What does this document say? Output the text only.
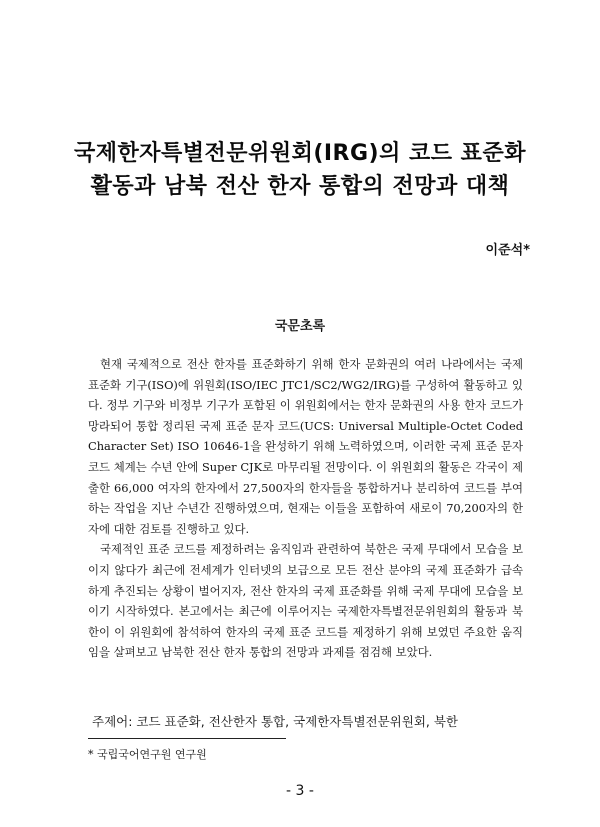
국제한자특별전문위원회(IRG)의 코드 표준화
활동과 남북 전산 한자 통합의 전망과 대책
이준석*
국문초록

현재 국제적으로 전산 한자를 표준화하기 위해 한자 문화권의 여러 나라에서는 국제 표준화 기구(ISO)에 위원회(ISO/IEC JTC1/SC2/WG2/IRG)를 구성하여 활동하고 있다. 정부 기구와 비정부 기구가 포함된 이 위원회에서는 한자 문화권의 사용 한자 코드가 망라되어 통합 정리된 국제 표준 문자 코드(UCS: Universal Multiple-Octet Coded Character Set) ISO 10646-1을 완성하기 위해 노력하였으며, 이러한 국제 표준 문자 코드 체계는 수년 안에 Super CJK로 마무리될 전망이다. 이 위원회의 활동은 각국이 제출한 66,000 여자의 한자에서 27,500자의 한자들을 통합하거나 분리하여 코드를 부여하는 작업을 지난 수년간 진행하였으며, 현재는 이들을 포함하여 새로이 70,200자의 한자에 대한 검토를 진행하고 있다.

국제적인 표준 코드를 제정하려는 움직임과 관련하여 북한은 국제 무대에서 모습을 보이지 않다가 최근에 전세계가 인터넷의 보급으로 모든 전산 분야의 국제 표준화가 급속하게 추진되는 상황이 벌어지자, 전산 한자의 국제 표준화를 위해 국제 무대에 모습을 보이기 시작하였다. 본고에서는 최근에 이루어지는 국제한자특별전문위원회의 활동과 북한이 이 위원회에 참석하여 한자의 국제 표준 코드를 제정하기 위해 보였던 주요한 움직임을 살펴보고 남북한 전산 한자 통합의 전망과 과제를 점검해 보았다.

주제어: 코드 표준화, 전산한자 통합, 국제한자특별전문위원회, 북한
* 국립국어연구원 연구원
- 3 -
